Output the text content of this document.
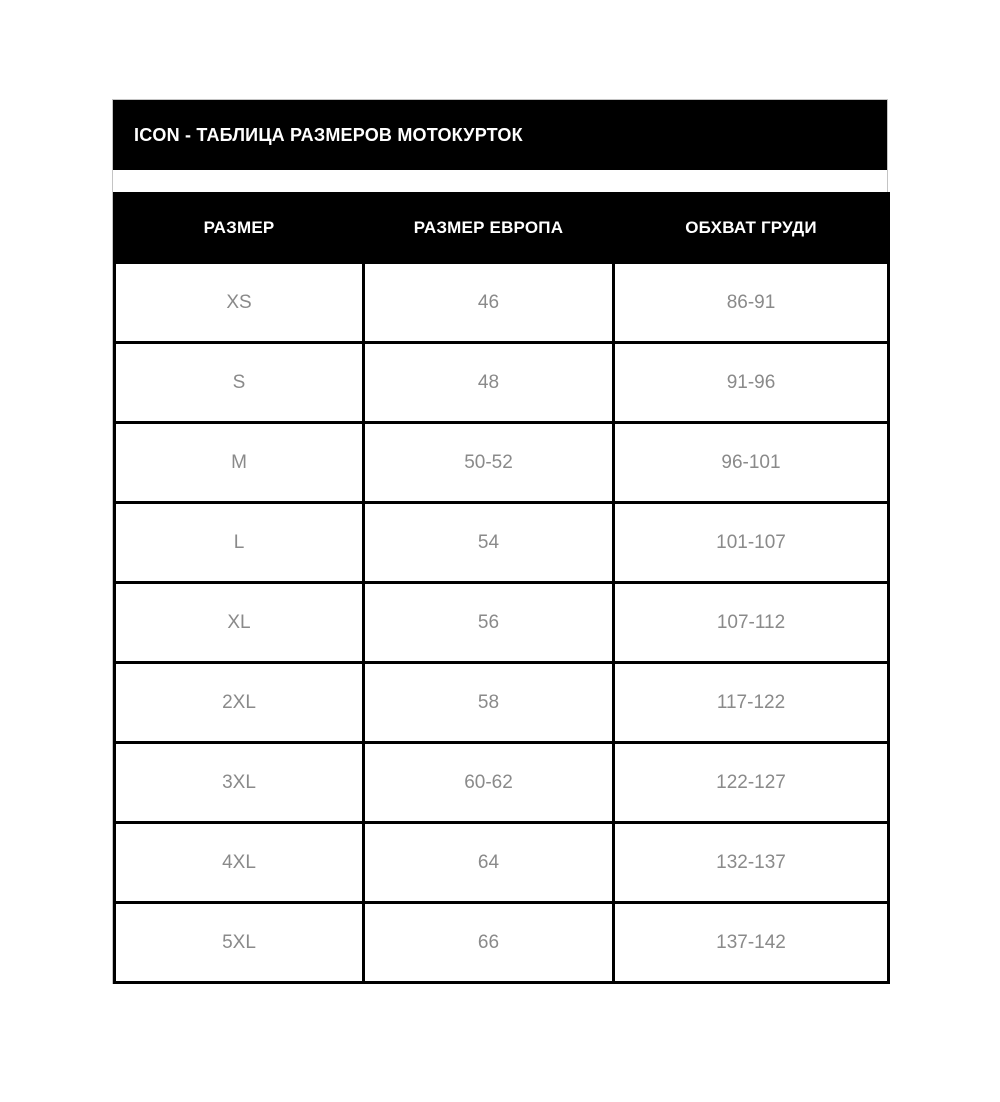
ICON - ТАБЛИЦА РАЗМЕРОВ МОТОКУРТОК
РАЗМЕР	РАЗМЕР ЕВРОПА	ОБХВАТ ГРУДИ
XS	46	86-91
S	48	91-96
M	50-52	96-101
L	54	101-107
XL	56	107-112
2XL	58	117-122
3XL	60-62	122-127
4XL	64	132-137
5XL	66	137-142
